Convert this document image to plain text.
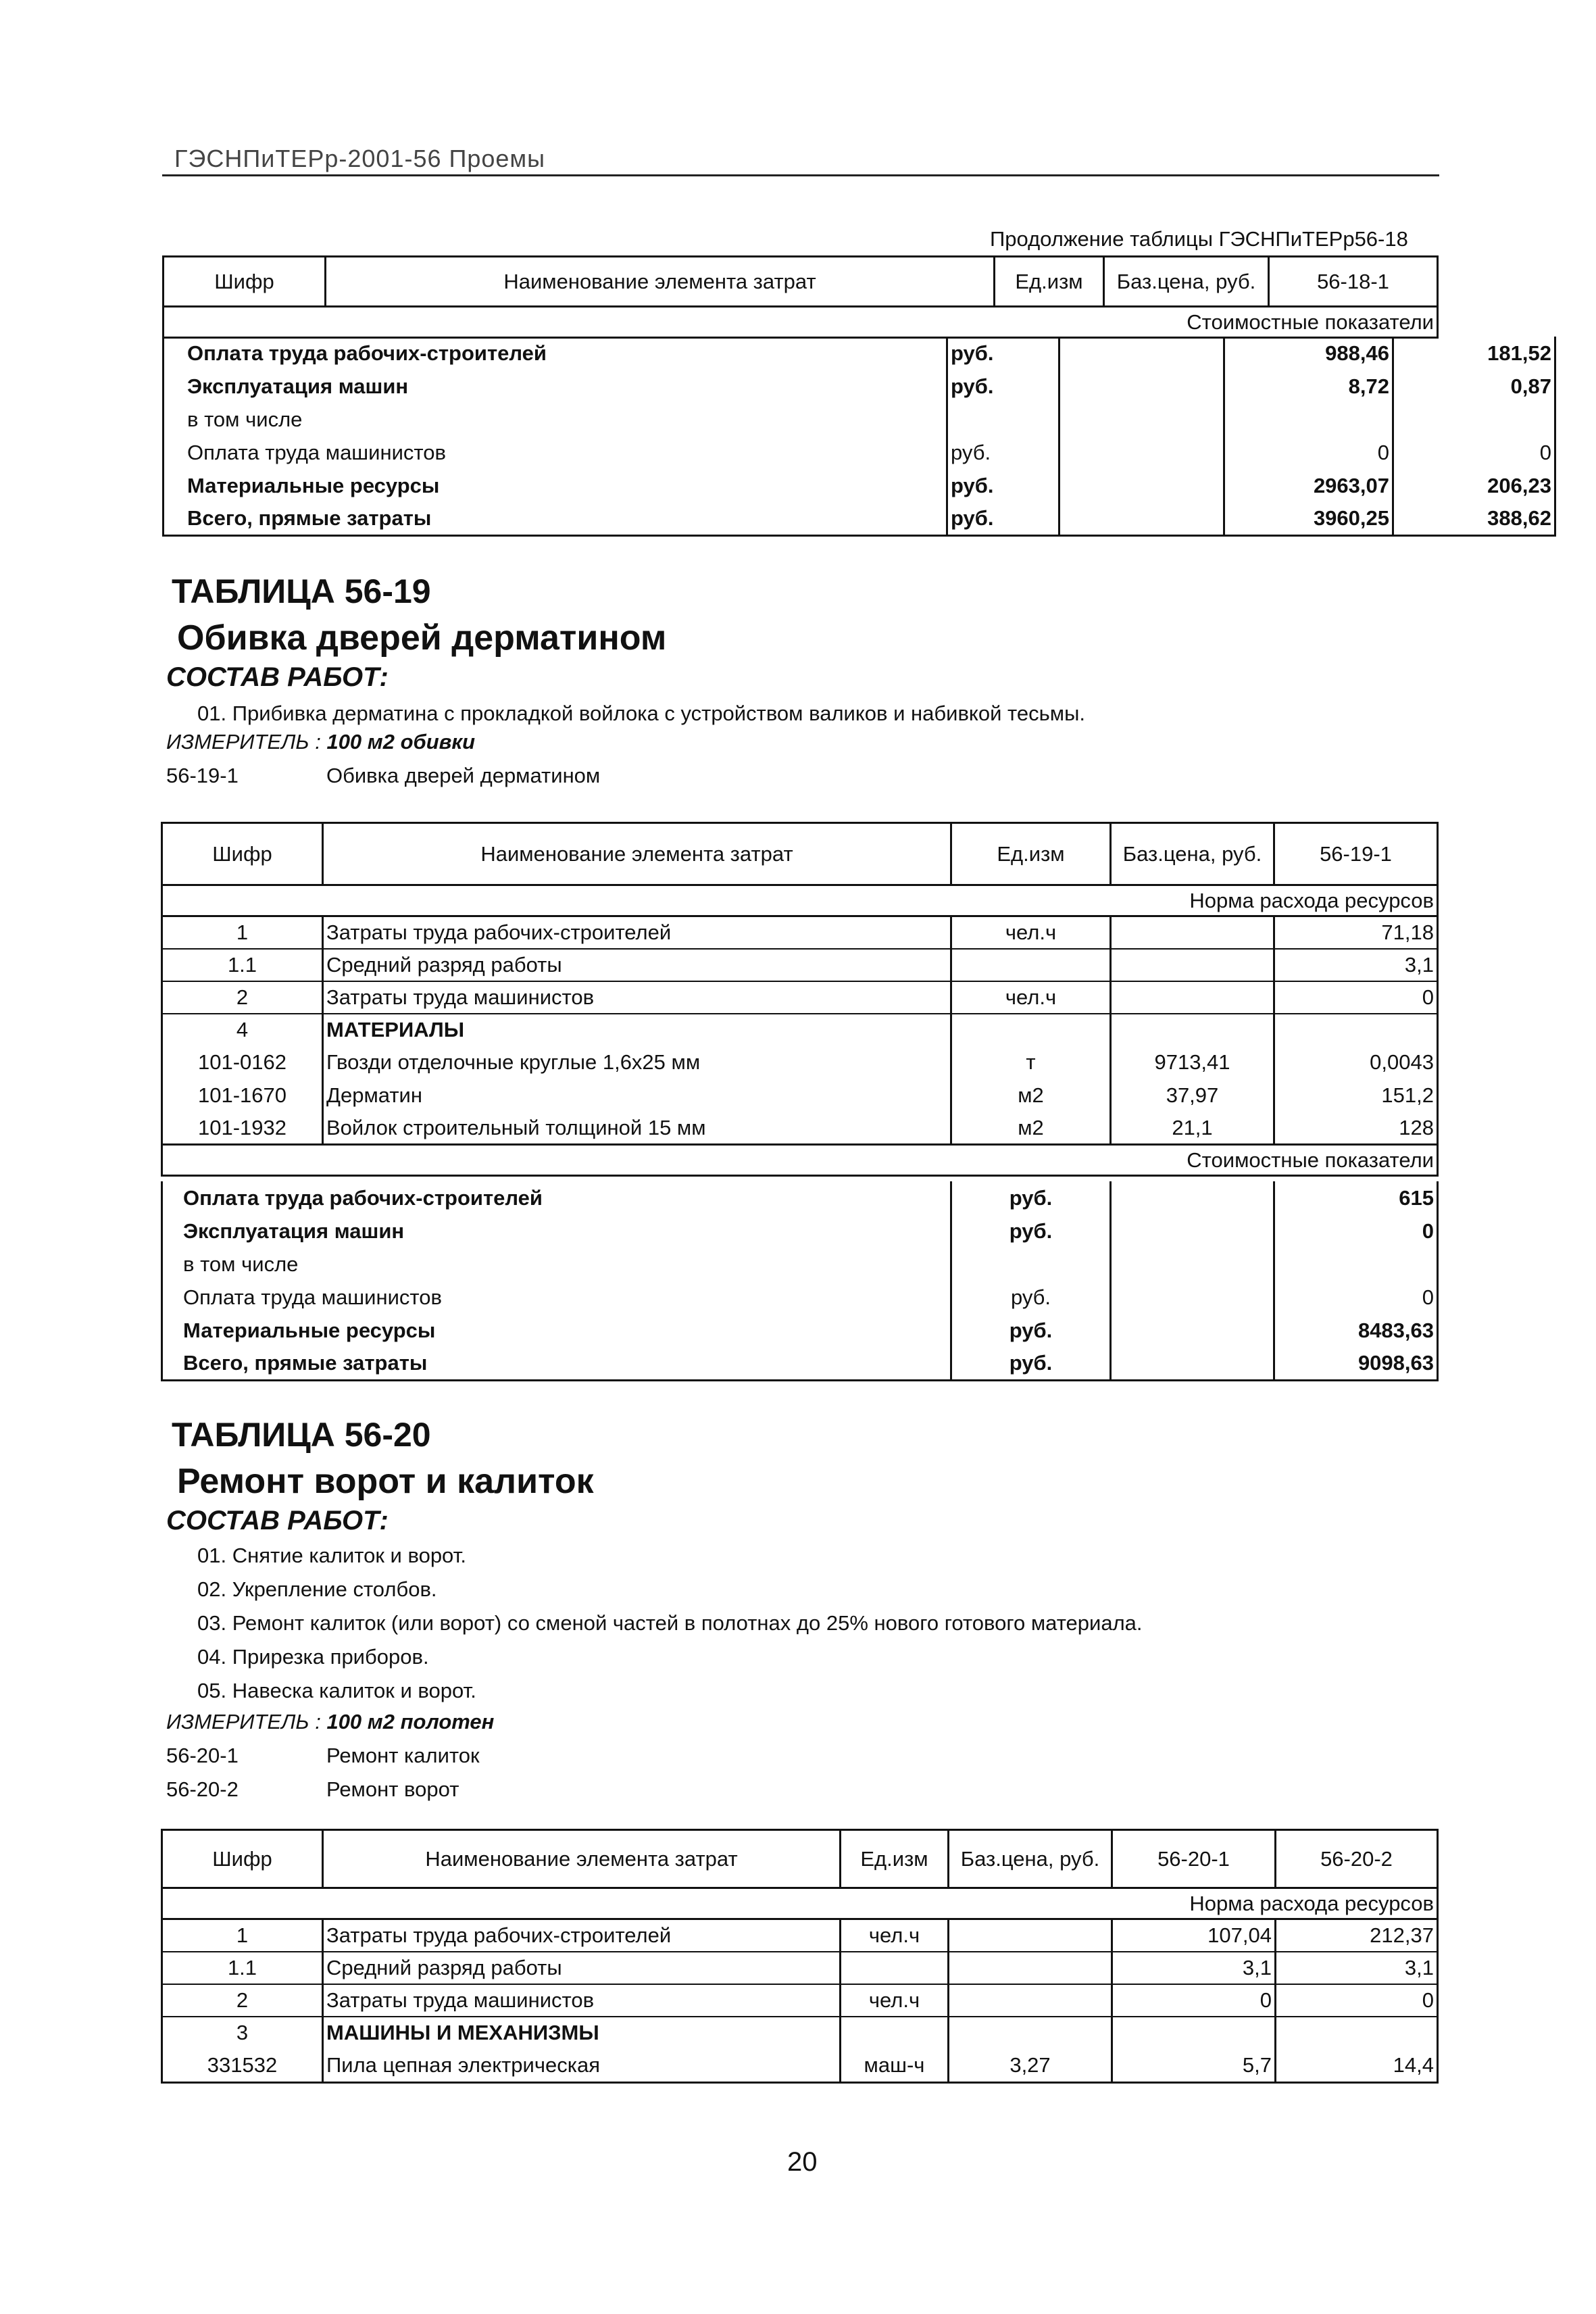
ГЭСНПиТЕРр-2001-56 Проемы
Продолжение таблицы ГЭСНПиТЕРр56-18
Шифр	Наименование элемента затрат	Ед.изм	Баз.цена, руб.	56-18-1	
Стоимостные показатели
Оплата труда рабочих-строителей	руб.		988,46	181,52
Эксплуатация машин	руб.		8,72	0,87
в том числе				
Оплата труда машинистов	руб.		0	0
Материальные ресурсы	руб.		2963,07	206,23
Всего, прямые затраты	руб.		3960,25	388,62
ТАБЛИЦА 56-19
Обивка дверей дерматином
СОСТАВ РАБОТ:
01. Прибивка дерматина с прокладкой войлока с устройством валиков и набивкой тесьмы.
ИЗМЕРИТЕЛЬ : 100 м2 обивки
56-19-1	Обивка дверей дерматином
Шифр	Наименование элемента затрат	Ед.изм	Баз.цена, руб.	56-19-1
Норма расхода ресурсов				
1	Затраты труда рабочих-строителей	чел.ч		71,18
1.1	Средний разряд работы			3,1
2	Затраты труда машинистов	чел.ч		0
4	МАТЕРИАЛЫ			
101-0162	Гвозди отделочные круглые 1,6х25 мм	т	9713,41	0,0043
101-1670	Дерматин	м2	37,97	151,2
101-1932	Войлок строительный толщиной 15 мм	м2	21,1	128
Стоимостные показатели				
Оплата труда рабочих-строителей	руб.		615
Эксплуатация машин	руб.		0
в том числе			
Оплата труда машинистов	руб.		0
Материальные ресурсы	руб.		8483,63
Всего, прямые затраты	руб.		9098,63
ТАБЛИЦА 56-20
Ремонт ворот и калиток
СОСТАВ РАБОТ:
01. Снятие калиток и ворот.
02. Укрепление столбов.
03. Ремонт калиток (или ворот) со сменой частей в полотнах до 25% нового готового материала.
04. Прирезка приборов.
05. Навеска калиток и ворот.
ИЗМЕРИТЕЛЬ : 100 м2 полотен
56-20-1	Ремонт калиток
56-20-2	Ремонт ворот
Шифр	Наименование элемента затрат	Ед.изм	Баз.цена, руб.	56-20-1	56-20-2
Норма расхода ресурсов					
1	Затраты труда рабочих-строителей	чел.ч		107,04	212,37
1.1	Средний разряд работы			3,1	3,1
2	Затраты труда машинистов	чел.ч		0	0
3	МАШИНЫ И МЕХАНИЗМЫ				
331532	Пила цепная электрическая	маш-ч	3,27	5,7	14,4
20
